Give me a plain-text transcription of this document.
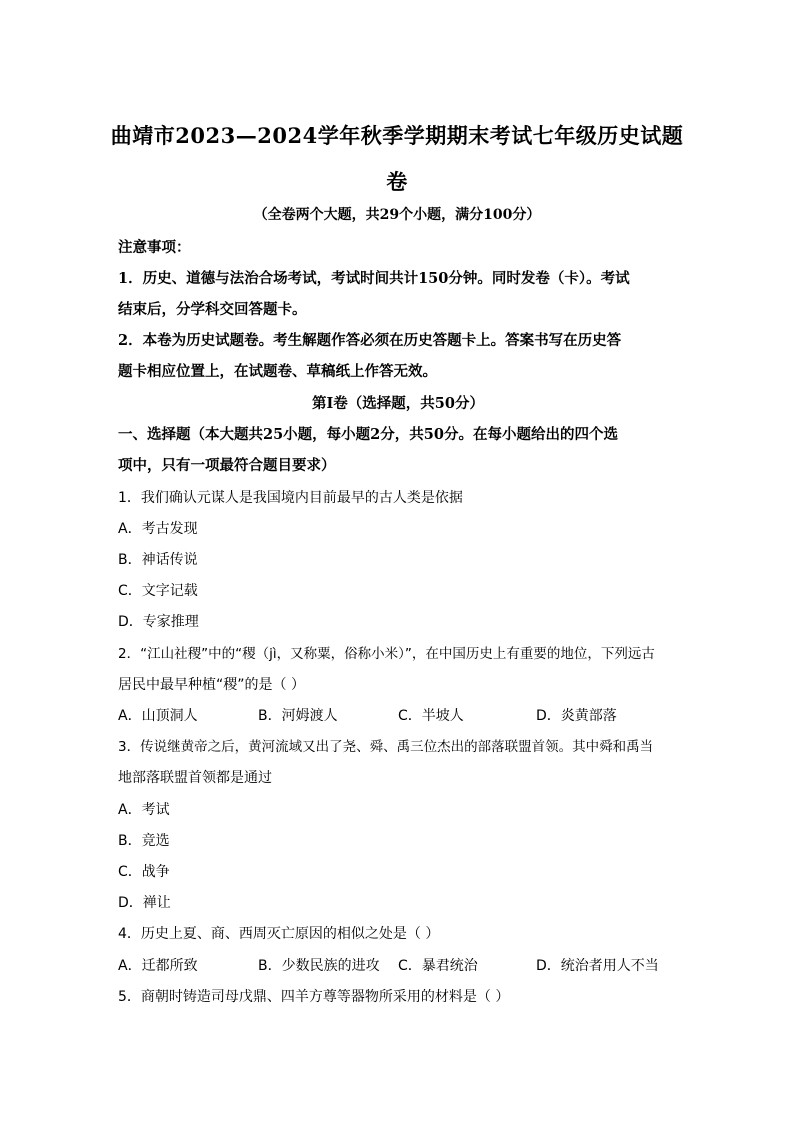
曲靖市2023—2024学年秋季学期期末考试七年级历史试题
卷
（全卷两个大题，共29个小题，满分100分）
注意事项：
1．历史、道德与法治合场考试，考试时间共计150分钟。同时发卷（卡）。考试
结束后，分学科交回答题卡。
2．本卷为历史试题卷。考生解题作答必须在历史答题卡上。答案书写在历史答
题卡相应位置上，在试题卷、草稿纸上作答无效。
第Ⅰ卷（选择题，共50分）
一、选择题（本大题共25小题，每小题2分，共50分。在每小题给出的四个选
项中，只有一项最符合题目要求）
1．我们确认元谋人是我国境内目前最早的古人类是依据
A．考古发现
B．神话传说
C．文字记载
D．专家推理
2．“江山社稷”中的“稷（jì，又称粟，俗称小米）”，在中国历史上有重要的地位，下列远古
居民中最早种植“稷”的是（ ）
A．山顶洞人	B．河姆渡人	C．半坡人	D．炎黄部落
3．传说继黄帝之后，黄河流域又出了尧、舜、禹三位杰出的部落联盟首领。其中舜和禹当
地部落联盟首领都是通过
A．考试
B．竞选
C．战争
D．禅让
4．历史上夏、商、西周灭亡原因的相似之处是（ ）
A．迁都所致	B．少数民族的进攻	C．暴君统治	D．统治者用人不当
5．商朝时铸造司母戊鼎、四羊方尊等器物所采用的材料是（ ）
